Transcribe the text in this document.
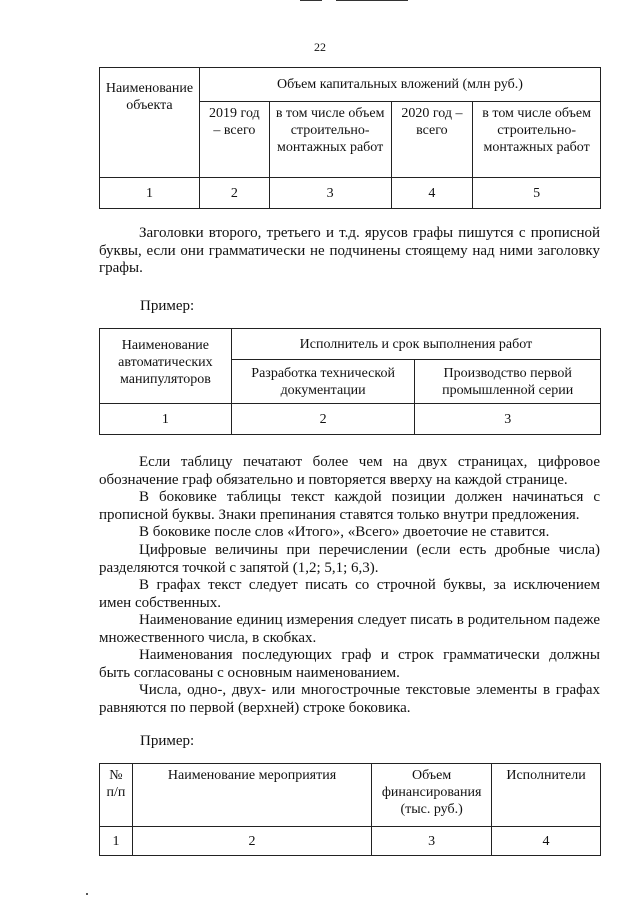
22
Наименование объекта	Объем капитальных вложений (млн руб.)			
	2019 год – всего	в том числе объем строительно-монтажных работ	2020 год – всего	в том числе объем строительно-монтажных работ
1	2	3	4	5

Заголовки второго, третьего и т.д. ярусов графы пишутся с прописной буквы, если они грамматически не подчинены стоящему над ними заголовку графы.

Пример:

Наименование автоматических манипуляторов	Исполнитель и срок выполнения работ	
	Разработка технической документации	Производство первой промышленной серии
1	2	3

Если таблицу печатают более чем на двух страницах, цифровое обозначение граф обязательно и повторяется вверху на каждой странице.

В боковике таблицы текст каждой позиции должен начинаться с прописной буквы. Знаки препинания ставятся только внутри предложения.

В боковике после слов «Итого», «Всего» двоеточие не ставится.

Цифровые величины при перечислении (если есть дробные числа) разделяются точкой с запятой (1,2; 5,1; 6,3).

В графах текст следует писать со строчной буквы, за исключением имен собственных.

Наименование единиц измерения следует писать в родительном падеже множественного числа, в скобках.

Наименования последующих граф и строк грамматически должны быть согласованы с основным наименованием.

Числа, одно-, двух- или многострочные текстовые элементы в графах равняются по первой (верхней) строке боковика.

Пример:

№ п/п	Наименование мероприятия	Объем финансирования (тыс. руб.)	Исполнители
1	2	3	4
